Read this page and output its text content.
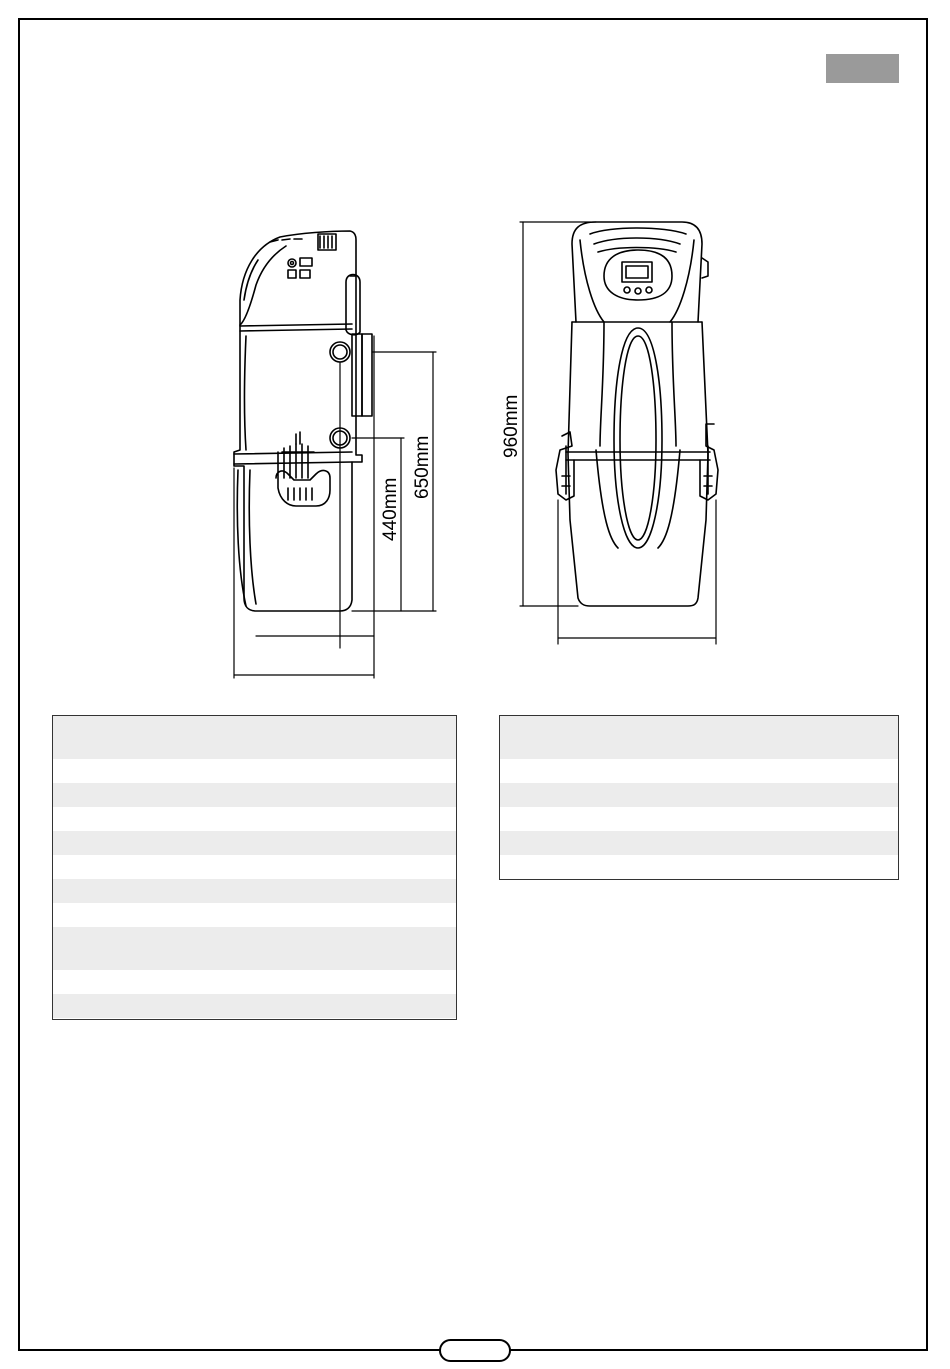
440mm
650mm
960mm
